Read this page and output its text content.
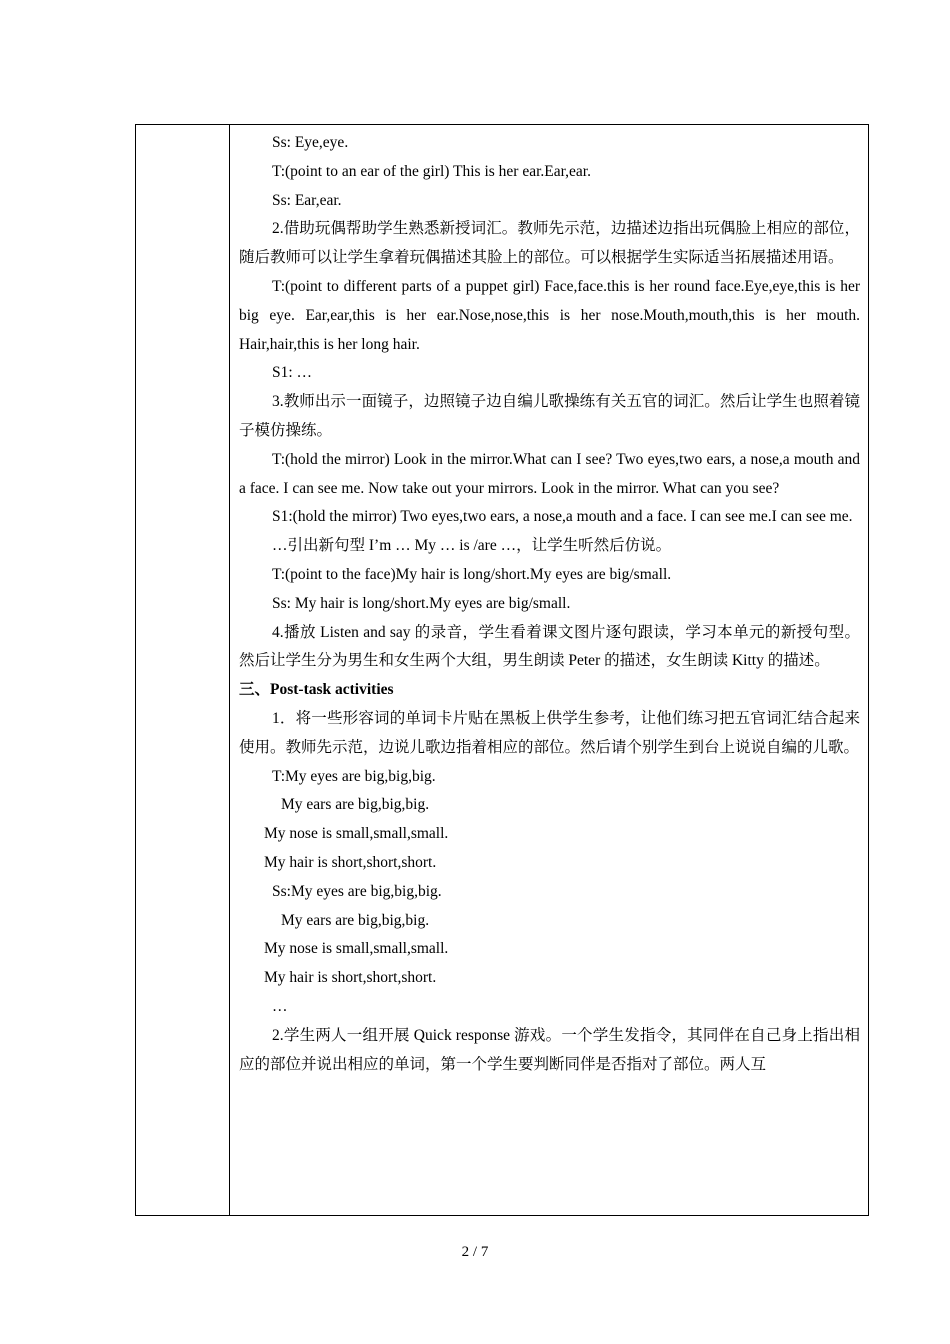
Ss: Eye,eye.

T:(point to an ear of the girl) This is her ear.Ear,ear.

Ss: Ear,ear.

2.借助玩偶帮助学生熟悉新授词汇。教师先示范，边描述边指出玩偶脸上相应的部位，随后教师可以让学生拿着玩偶描述其脸上的部位。可以根据学生实际适当拓展描述用语。

T:(point to different parts of a puppet girl) Face,face.this is her round face.Eye,eye,this is her big eye. Ear,ear,this is her ear.Nose,nose,this is her nose.Mouth,mouth,this is her mouth. Hair,hair,this is her long hair.

S1: …

3.教师出示一面镜子，边照镜子边自编儿歌操练有关五官的词汇。然后让学生也照着镜子模仿操练。

T:(hold the mirror) Look in the mirror.What can I see? Two eyes,two ears, a nose,a mouth and a face. I can see me. Now take out your mirrors. Look in the mirror. What can you see?

S1:(hold the mirror) Two eyes,two ears, a nose,a mouth and a face. I can see me.I can see me.

…引出新句型 I’m … My … is /are …，让学生听然后仿说。

T:(point to the face)My hair is long/short.My eyes are big/small.

Ss: My hair is long/short.My eyes are big/small.

4.播放 Listen and say 的录音，学生看着课文图片逐句跟读，学习本单元的新授句型。然后让学生分为男生和女生两个大组，男生朗读 Peter 的描述，女生朗读 Kitty 的描述。

三、Post-task activities

1．将一些形容词的单词卡片贴在黑板上供学生参考，让他们练习把五官词汇结合起来使用。教师先示范，边说儿歌边指着相应的部位。然后请个别学生到台上说说自编的儿歌。

T:My eyes are big,big,big.

My ears are big,big,big.

My nose is small,small,small.

My hair is short,short,short.

Ss:My eyes are big,big,big.

My ears are big,big,big.

My nose is small,small,small.

My hair is short,short,short.

…

2.学生两人一组开展 Quick response 游戏。一个学生发指令，其同伴在自己身上指出相应的部位并说出相应的单词，第一个学生要判断同伴是否指对了部位。两人互

2 / 7
